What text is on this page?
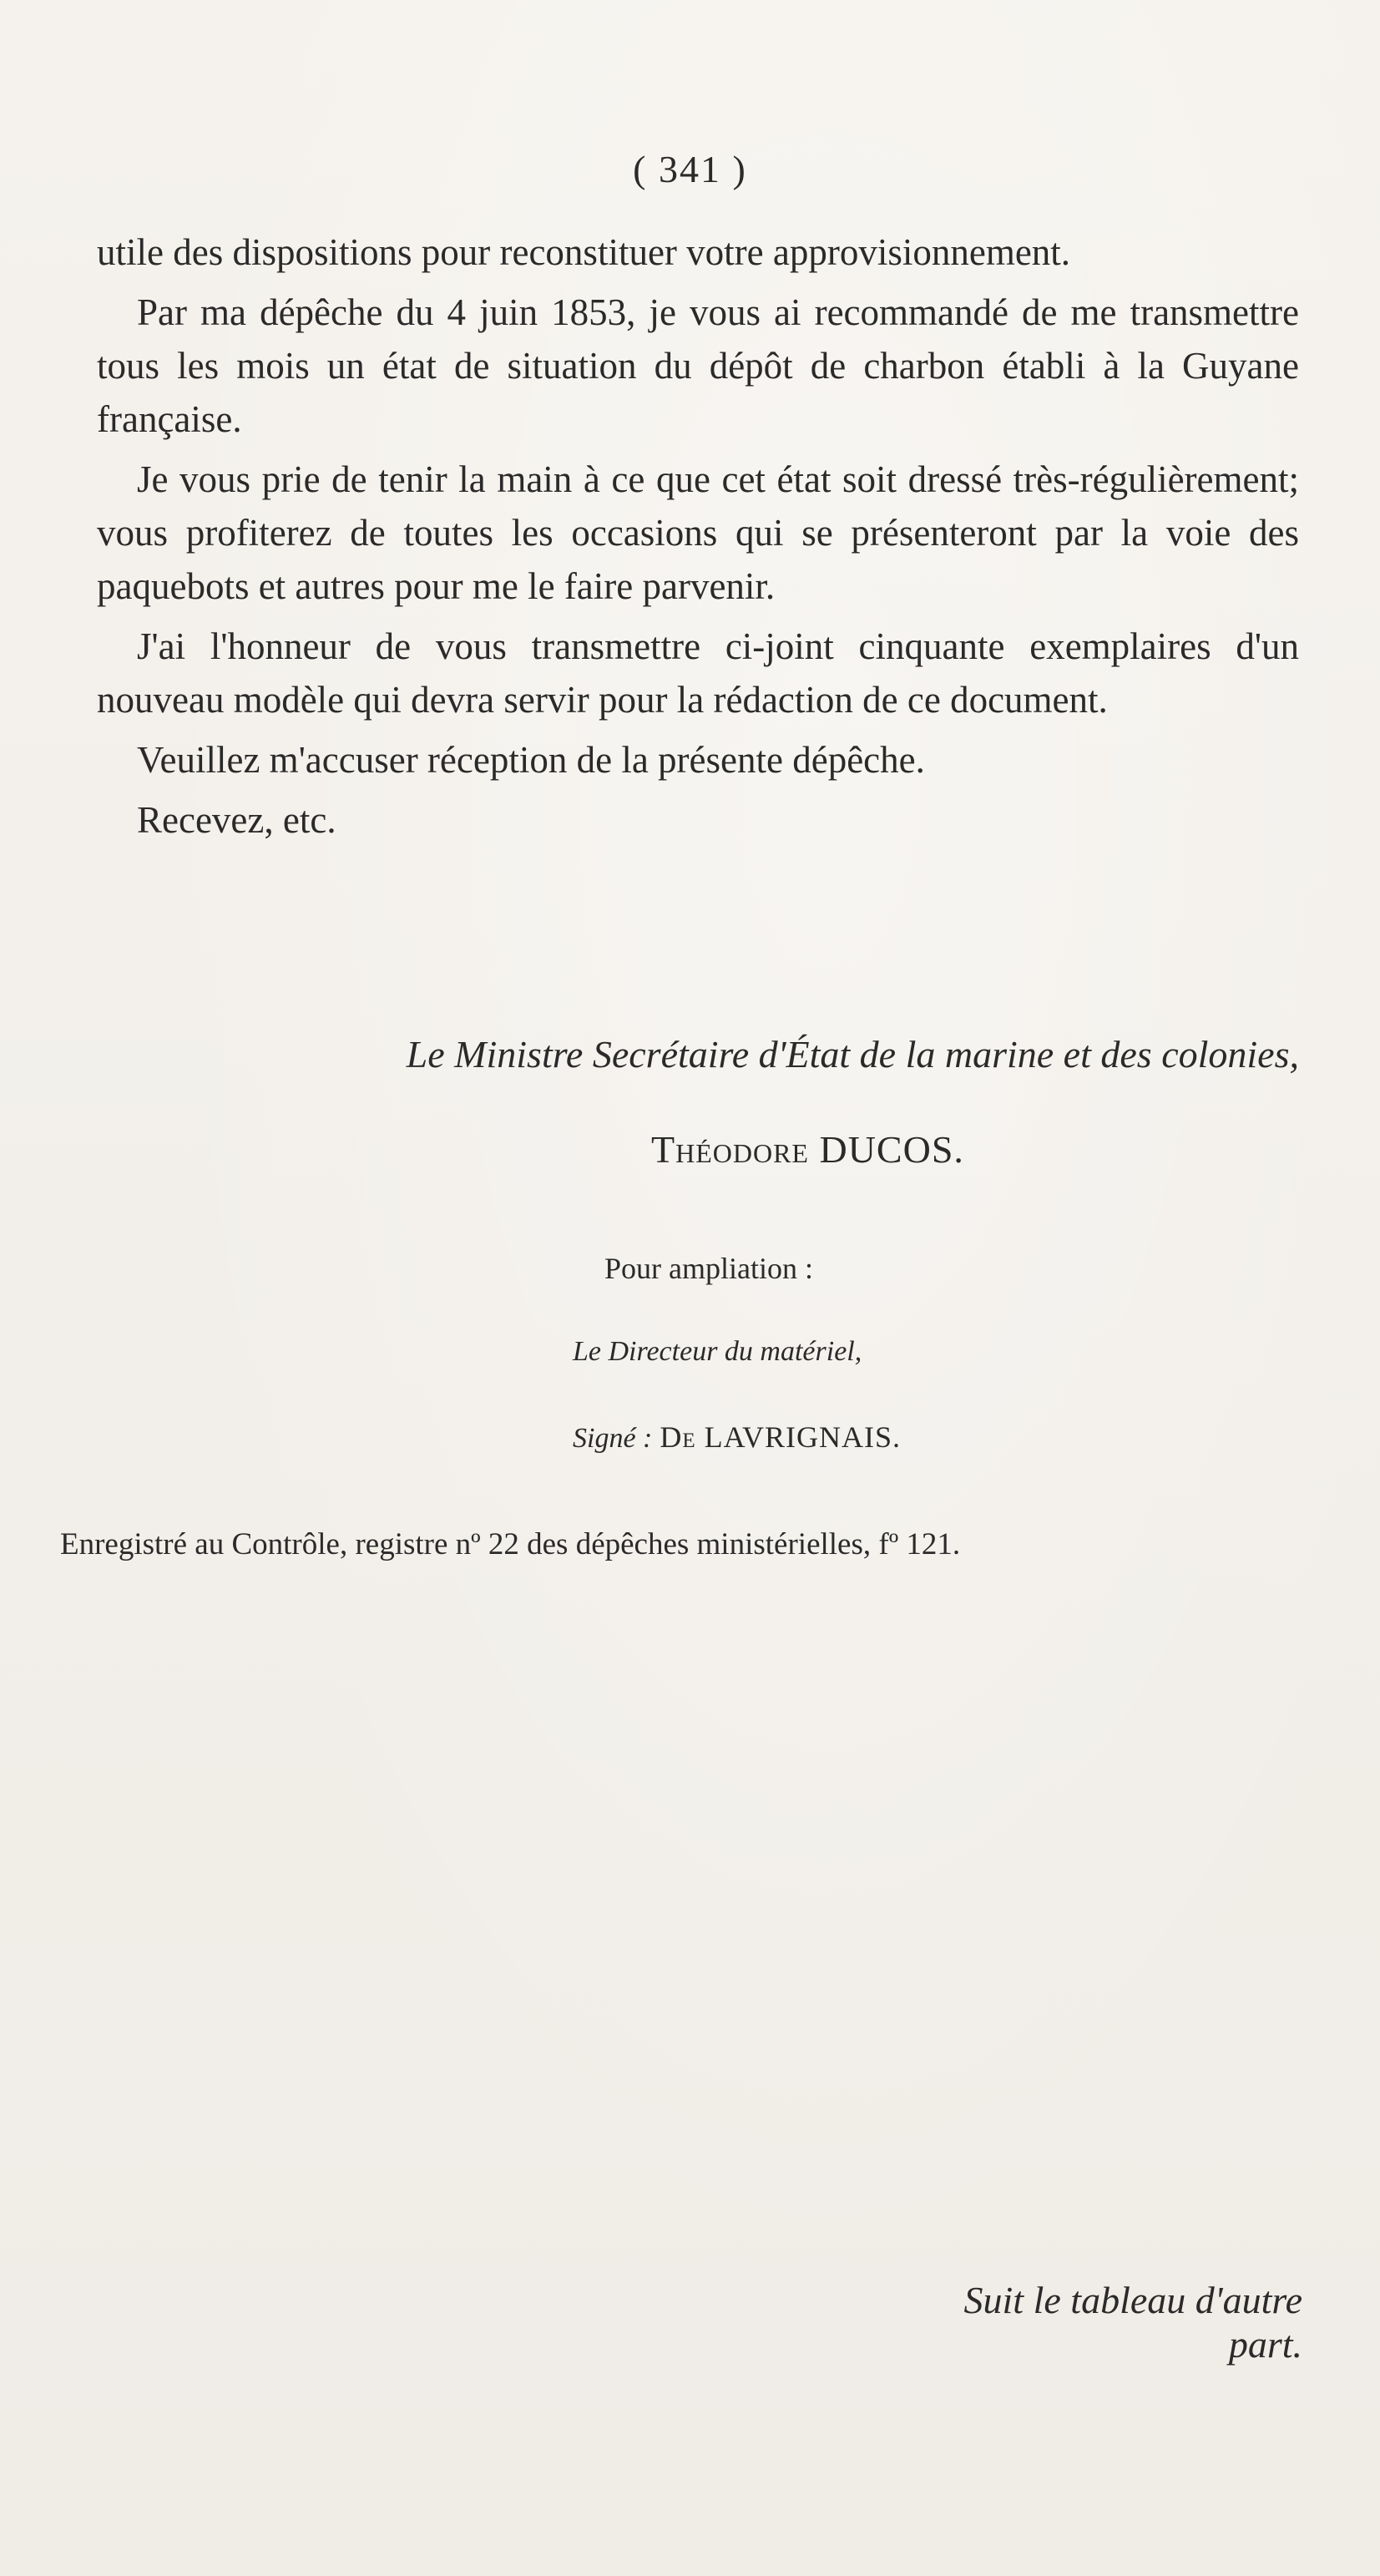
( 341 )

utile des dispositions pour reconstituer votre approvisionnement.

Par ma dépêche du 4 juin 1853, je vous ai recommandé de me transmettre tous les mois un état de situation du dépôt de charbon établi à la Guyane française.

Je vous prie de tenir la main à ce que cet état soit dressé très-régulièrement; vous profiterez de toutes les occasions qui se présenteront par la voie des paquebots et autres pour me le faire parvenir.

J'ai l'honneur de vous transmettre ci-joint cinquante exemplaires d'un nouveau modèle qui devra servir pour la rédaction de ce document.

Veuillez m'accuser réception de la présente dépêche.

Recevez, etc.

Le Ministre Secrétaire d'État de la marine et des colonies,
Théodore DUCOS.
Pour ampliation :
Le Directeur du matériel,
Signé : De LAVRIGNAIS.
Enregistré au Contrôle, registre nº 22 des dépêches ministérielles, fº 121.
Suit le tableau d'autre part.
